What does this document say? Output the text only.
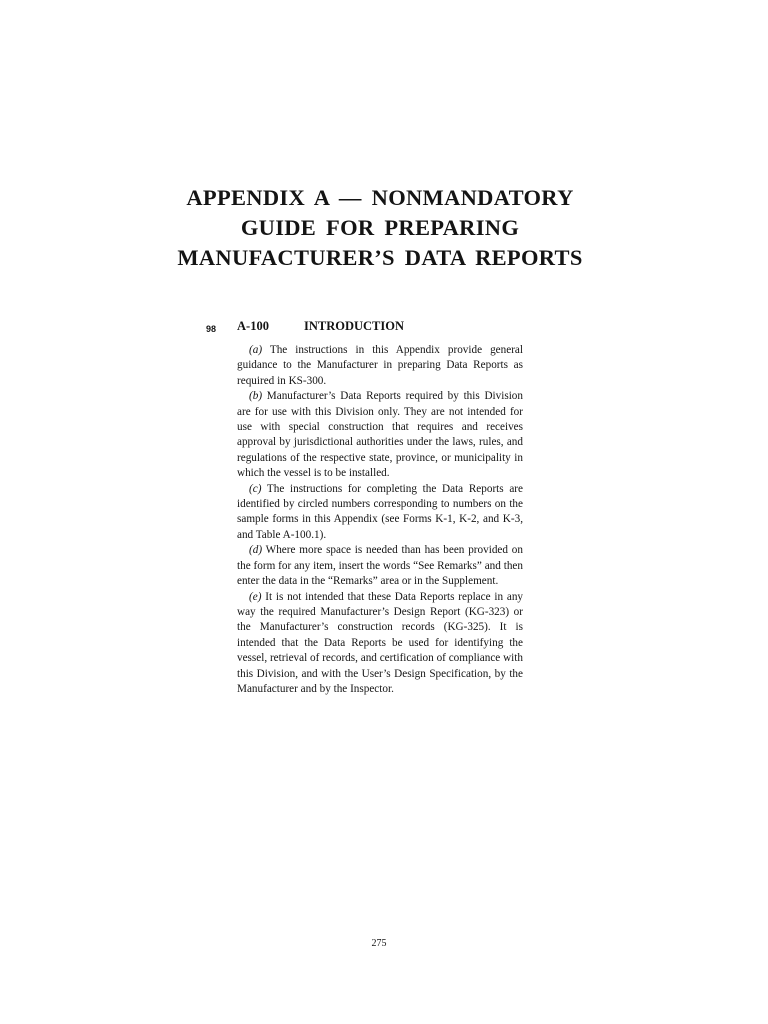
APPENDIX A — NONMANDATORY
GUIDE FOR PREPARING
MANUFACTURER’S DATA REPORTS
98 A-100	INTRODUCTION

(a) The instructions in this Appendix provide general guidance to the Manufacturer in preparing Data Reports as required in KS-300.

(b) Manufacturer’s Data Reports required by this Division are for use with this Division only. They are not intended for use with special construction that requires and receives approval by jurisdictional authorities under the laws, rules, and regulations of the respective state, province, or municipality in which the vessel is to be installed.

(c) The instructions for completing the Data Reports are identified by circled numbers corresponding to numbers on the sample forms in this Appendix (see Forms K-1, K-2, and K-3, and Table A-100.1).

(d) Where more space is needed than has been provided on the form for any item, insert the words “See Remarks” and then enter the data in the “Remarks” area or in the Supplement.

(e) It is not intended that these Data Reports replace in any way the required Manufacturer’s Design Report (KG-323) or the Manufacturer’s construction records (KG-325). It is intended that the Data Reports be used for identifying the vessel, retrieval of records, and certification of compliance with this Division, and with the User’s Design Specification, by the Manufacturer and by the Inspector.

275
